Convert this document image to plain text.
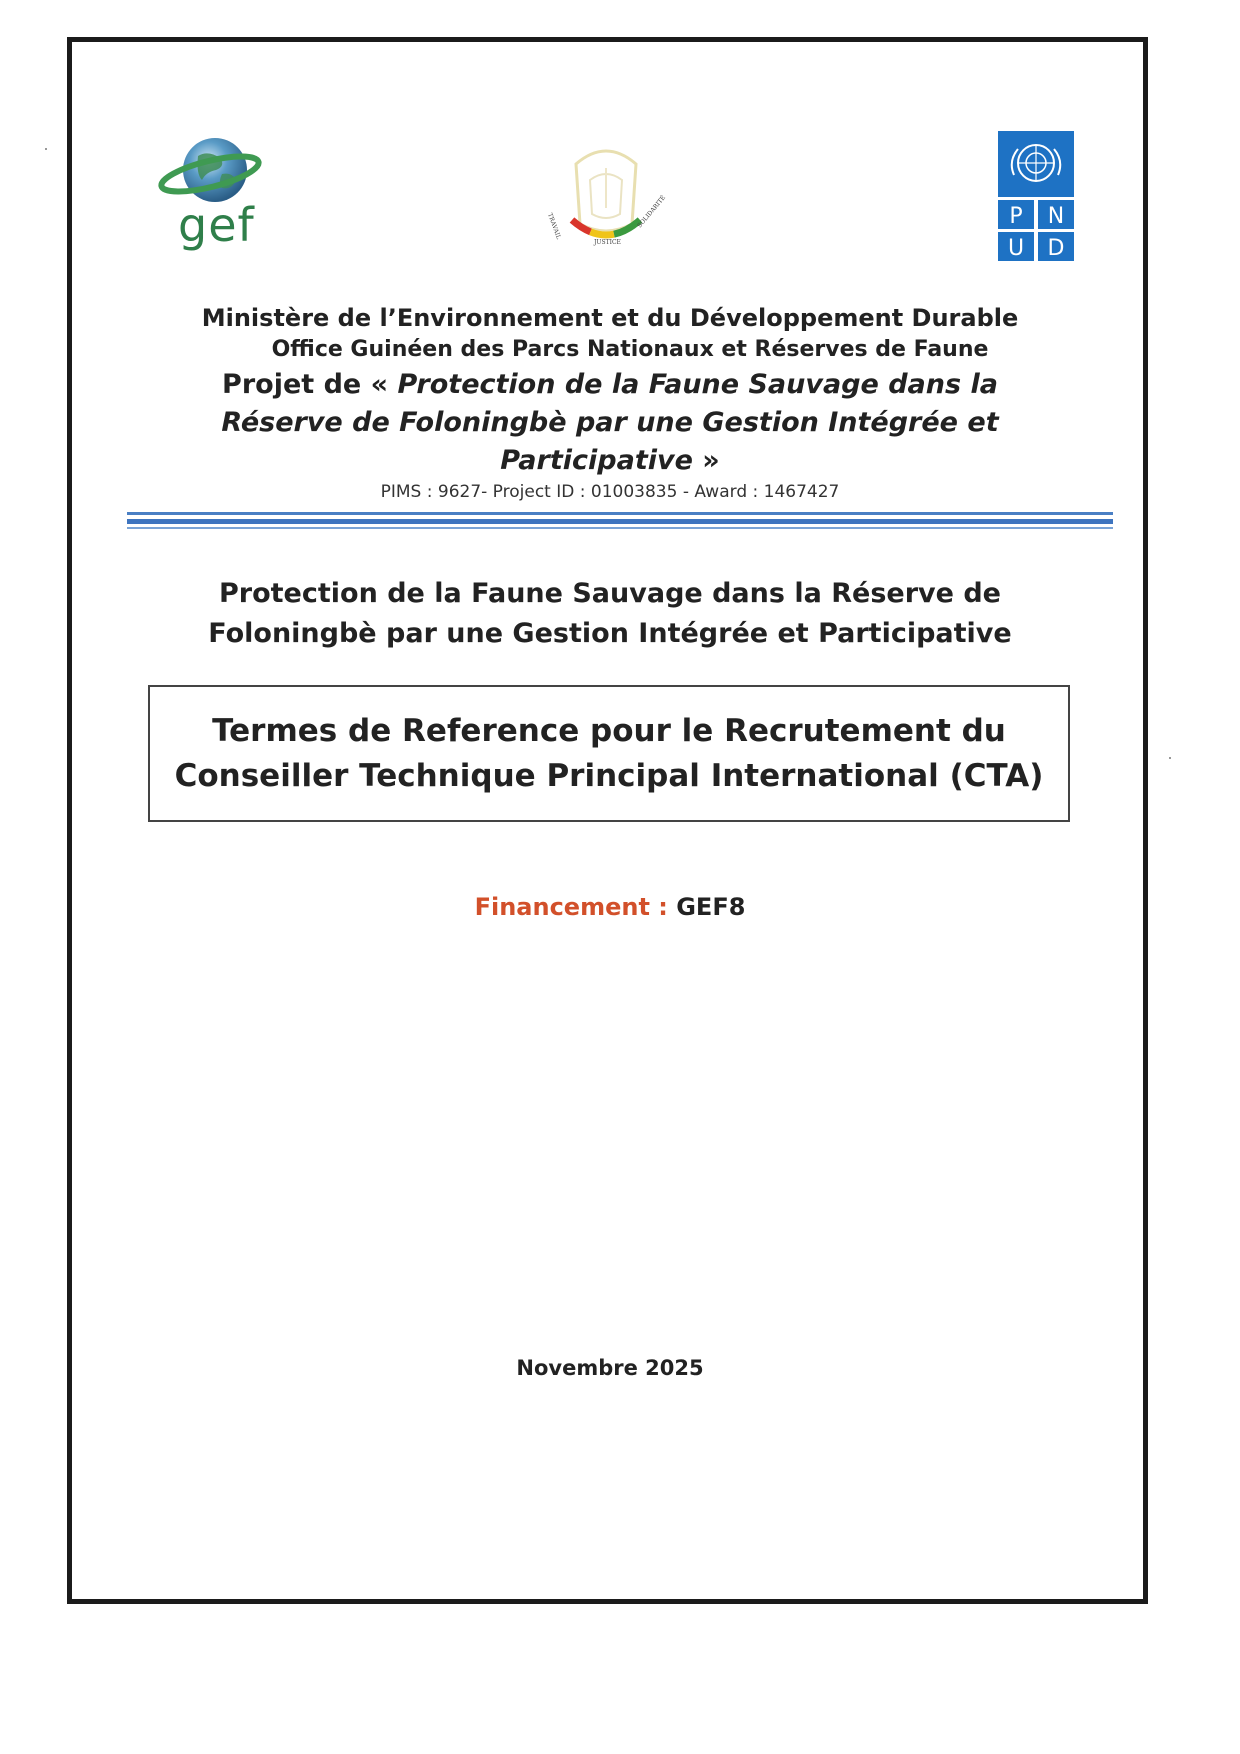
gef	TRAVAIL
JUSTICE
SOLIDARITÉ	P N
U D
Ministère de l’Environnement et du Développement Durable
Office Guinéen des Parcs Nationaux et Réserves de Faune
Projet de « Protection de la Faune Sauvage dans la
Réserve de Foloningbè par une Gestion Intégrée et
Participative »
PIMS : 9627- Project ID : 01003835 - Award : 1467427
Protection de la Faune Sauvage dans la Réserve de
Foloningbè par une Gestion Intégrée et Participative
Termes de Reference pour le Recrutement du
Conseiller Technique Principal International (CTA)
Financement : GEF8
Novembre 2025
